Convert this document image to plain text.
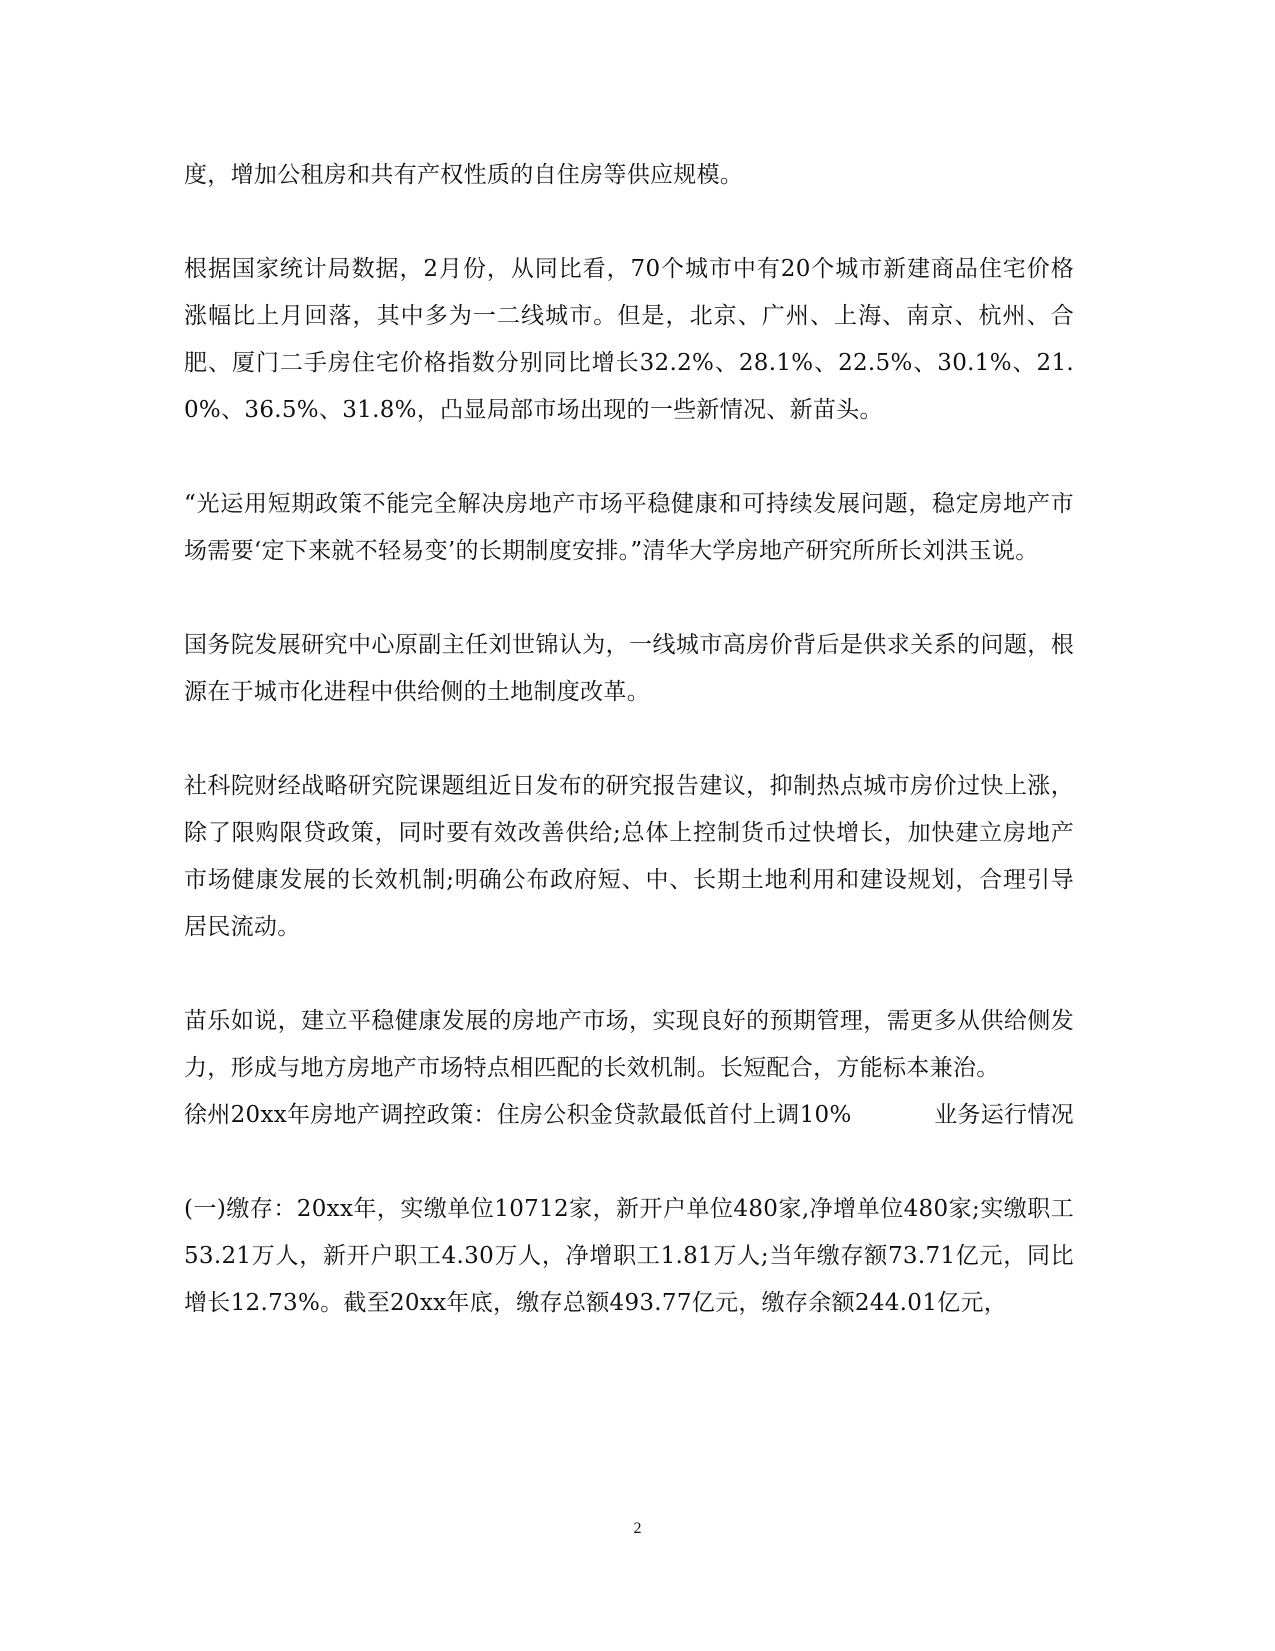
度，增加公租房和共有产权性质的自住房等供应规模。

根据国家统计局数据，2月份，从同比看，70个城市中有20个城市新建商品住宅价格涨幅比上月回落，其中多为一二线城市。但是，北京、广州、上海、南京、杭州、合肥、厦门二手房住宅价格指数分别同比增长32.2%、28.1%、22.5%、30.1%、21.0%、36.5%、31.8%，凸显局部市场出现的一些新情况、新苗头。

“光运用短期政策不能完全解决房地产市场平稳健康和可持续发展问题，稳定房地产市场需要‘定下来就不轻易变’的长期制度安排。”清华大学房地产研究所所长刘洪玉说。

国务院发展研究中心原副主任刘世锦认为，一线城市高房价背后是供求关系的问题，根源在于城市化进程中供给侧的土地制度改革。

社科院财经战略研究院课题组近日发布的研究报告建议，抑制热点城市房价过快上涨，除了限购限贷政策，同时要有效改善供给;总体上控制货币过快增长，加快建立房地产市场健康发展的长效机制;明确公布政府短、中、长期土地利用和建设规划，合理引导居民流动。

苗乐如说，建立平稳健康发展的房地产市场，实现良好的预期管理，需更多从供给侧发力，形成与地方房地产市场特点相匹配的长效机制。长短配合，方能标本兼治。

徐州20xx年房地产调控政策：住房公积金贷款最低首付上调10%	业务运行情况

(一)缴存：20xx年，实缴单位10712家，新开户单位480家,净增单位480家;实缴职工53.21万人，新开户职工4.30万人，净增职工1.81万人;当年缴存额73.71亿元，同比增长12.73%。截至20xx年底，缴存总额493.77亿元，缴存余额244.01亿元，

2
